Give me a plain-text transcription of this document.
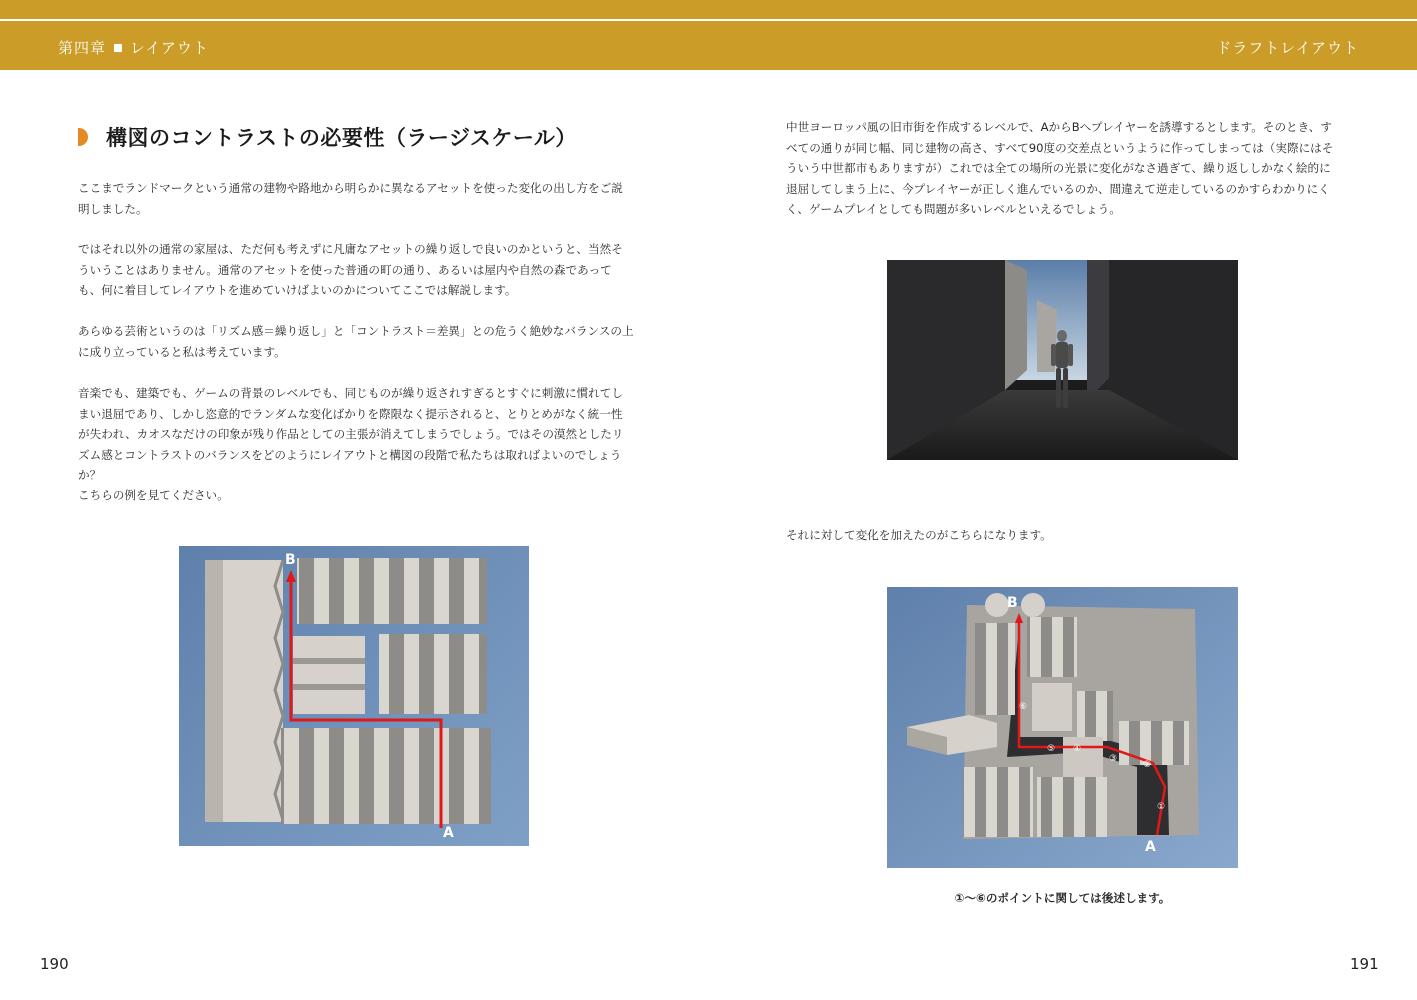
第四章 レイアウト	ドラフトレイアウト
構図のコントラストの必要性（ラージスケール）

ここまでランドマークという通常の建物や路地から明らかに異なるアセットを使った変化の出し方をご説明しました。

ではそれ以外の通常の家屋は、ただ何も考えずに凡庸なアセットの繰り返しで良いのかというと、当然そういうことはありません。通常のアセットを使った普通の町の通り、あるいは屋内や自然の森であっても、何に着目してレイアウトを進めていけばよいのかについてここでは解説します。

あらゆる芸術というのは「リズム感＝繰り返し」と「コントラスト＝差異」との危うく絶妙なバランスの上に成り立っていると私は考えています。

音楽でも、建築でも、ゲームの背景のレベルでも、同じものが繰り返されすぎるとすぐに刺激に慣れてしまい退屈であり、しかし恣意的でランダムな変化ばかりを際限なく提示されると、とりとめがなく統一性が失われ、カオスなだけの印象が残り作品としての主張が消えてしまうでしょう。ではその漠然としたリズム感とコントラストのバランスをどのようにレイアウトと構図の段階で私たちは取ればよいのでしょうか？

こちらの例を見てください。

A
B
190

中世ヨーロッパ風の旧市街を作成するレベルで、AからBへプレイヤーを誘導するとします。そのとき、すべての通りが同じ幅、同じ建物の高さ、すべて90度の交差点というように作ってしまっては（実際にはそういう中世都市もありますが）これでは全ての場所の光景に変化がなさ過ぎて、繰り返ししかなく絵的に退屈してしまう上に、今プレイヤーが正しく進んでいるのか、間違えて逆走しているのかすらわかりにくく、ゲームプレイとしても問題が多いレベルといえるでしょう。

それに対して変化を加えたのがこちらになります。

①
②
③
④
⑤
⑥
A
B

①〜⑥のポイントに関しては後述します。

191
